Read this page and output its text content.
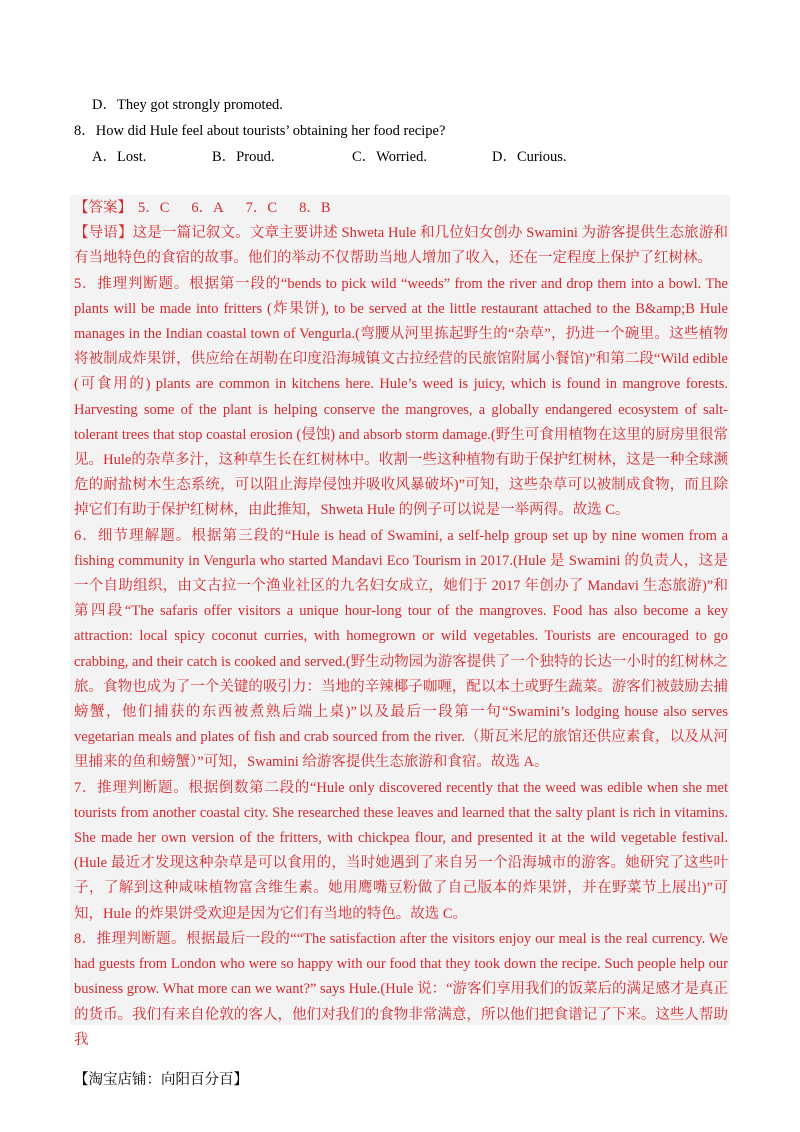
D．They got strongly promoted.
8．How did Hule feel about tourists’ obtaining her food recipe?
A．Lost.	B．Proud.	C．Worried.	D．Curious.

【答案】 5．C 6．A 7．C 8．B

【导语】这是一篇记叙文。文章主要讲述 Shweta Hule 和几位妇女创办 Swamini 为游客提供生态旅游和有当地特色的食宿的故事。他们的举动不仅帮助当地人增加了收入，还在一定程度上保护了红树林。

5．推理判断题。根据第一段的“bends to pick wild “weeds” from the river and drop them into a bowl. The plants will be made into fritters (炸果饼), to be served at the little restaurant attached to the B&amp;B Hule manages in the Indian coastal town of Vengurla.(弯腰从河里拣起野生的“杂草”，扔进一个碗里。这些植物将被制成炸果饼，供应给在胡勒在印度沿海城镇文古拉经营的民旅馆附属小餐馆)”和第二段“Wild edible (可食用的) plants are common in kitchens here. Hule’s weed is juicy, which is found in mangrove forests. Harvesting some of the plant is helping conserve the mangroves, a globally endangered ecosystem of salt-tolerant trees that stop coastal erosion (侵蚀) and absorb storm damage.(野生可食用植物在这里的厨房里很常见。Hule的杂草多汁，这种草生长在红树林中。收割一些这种植物有助于保护红树林，这是一种全球濒危的耐盐树木生态系统，可以阻止海岸侵蚀并吸收风暴破坏)”可知，这些杂草可以被制成食物，而且除掉它们有助于保护红树林，由此推知，Shweta Hule 的例子可以说是一举两得。故选 C。

6．细节理解题。根据第三段的“Hule is head of Swamini, a self-help group set up by nine women from a fishing community in Vengurla who started Mandavi Eco Tourism in 2017.(Hule 是 Swamini 的负责人，这是一个自助组织，由文古拉一个渔业社区的九名妇女成立，她们于 2017 年创办了 Mandavi 生态旅游)”和第四段“The safaris offer visitors a unique hour-long tour of the mangroves. Food has also become a key attraction: local spicy coconut curries, with homegrown or wild vegetables. Tourists are encouraged to go crabbing, and their catch is cooked and served.(野生动物园为游客提供了一个独特的长达一小时的红树林之旅。食物也成为了一个关键的吸引力：当地的辛辣椰子咖喱，配以本土或野生蔬菜。游客们被鼓励去捕螃蟹，他们捕获的东西被煮熟后端上桌)”以及最后一段第一句“Swamini’s lodging house also serves vegetarian meals and plates of fish and crab sourced from the river.（斯瓦米尼的旅馆还供应素食，以及从河里捕来的鱼和螃蟹）”可知，Swamini 给游客提供生态旅游和食宿。故选 A。

7．推理判断题。根据倒数第二段的“Hule only discovered recently that the weed was edible when she met tourists from another coastal city. She researched these leaves and learned that the salty plant is rich in vitamins. She made her own version of the fritters, with chickpea flour, and presented it at the wild vegetable festival.(Hule 最近才发现这种杂草是可以食用的，当时她遇到了来自另一个沿海城市的游客。她研究了这些叶子，了解到这种咸味植物富含维生素。她用鹰嘴豆粉做了自己版本的炸果饼，并在野菜节上展出)”可知，Hule 的炸果饼受欢迎是因为它们有当地的特色。故选 C。

8．推理判断题。根据最后一段的““The satisfaction after the visitors enjoy our meal is the real currency. We had guests from London who were so happy with our food that they took down the recipe. Such people help our business grow. What more can we want?” says Hule.(Hule 说：“游客们享用我们的饭菜后的满足感才是真正的货币。我们有来自伦敦的客人，他们对我们的食物非常满意，所以他们把食谱记了下来。这些人帮助我

【淘宝店铺：向阳百分百】
